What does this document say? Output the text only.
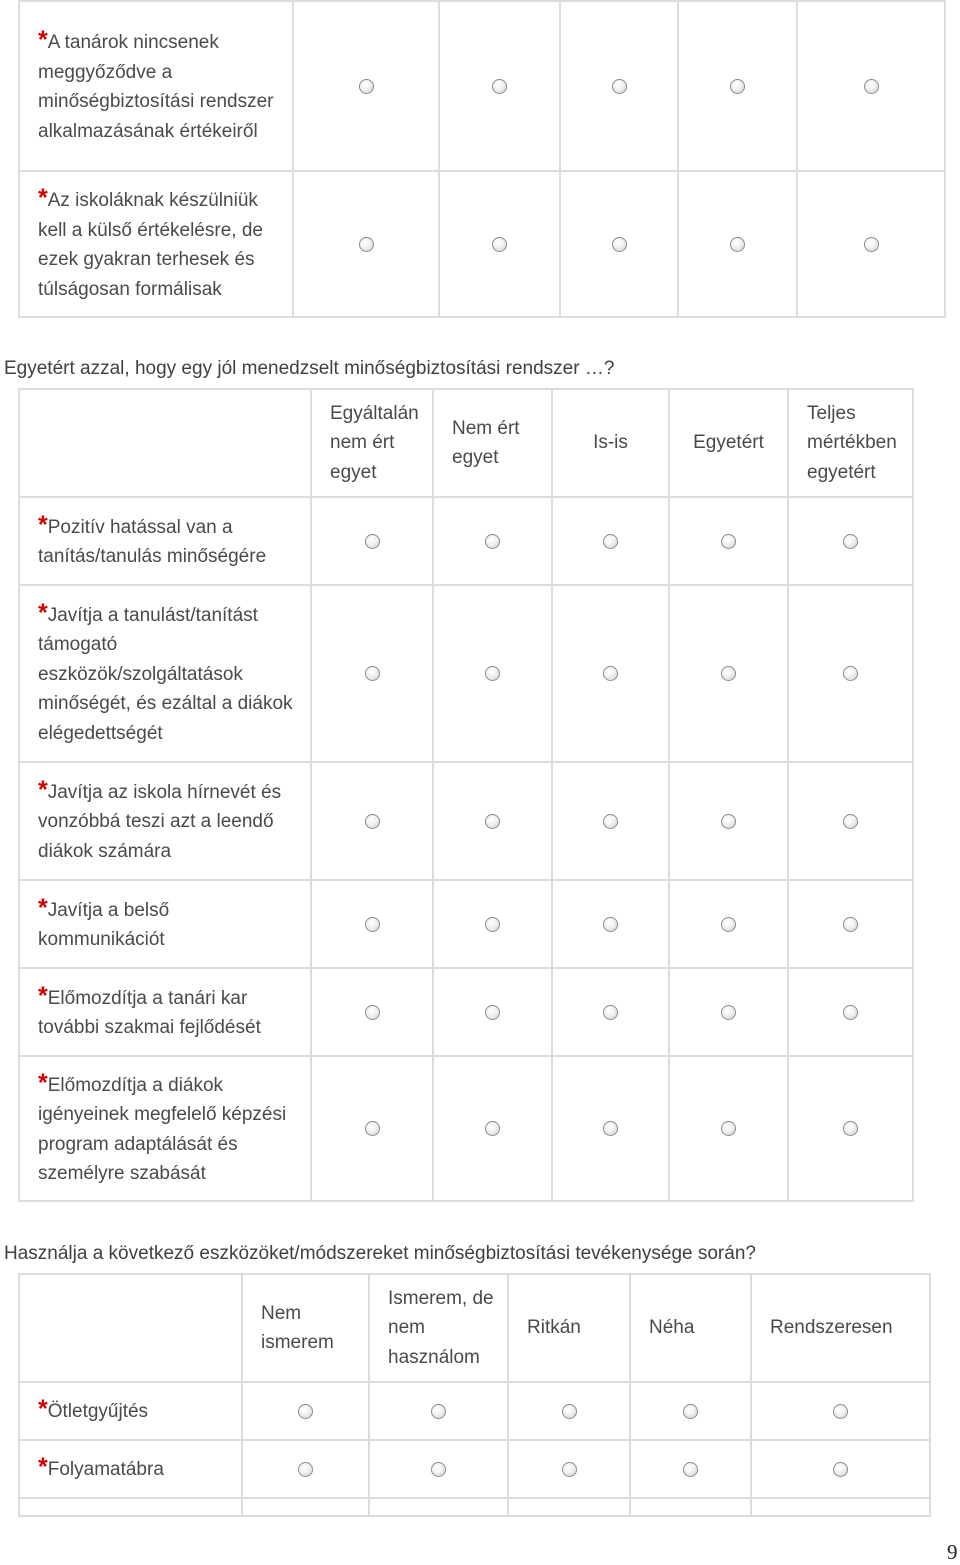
*A tanárok nincsenek meggyőződve a minőségbiztosítási rendszer alkalmazásának értékeiről					
*Az iskoláknak készülniük kell a külső értékelésre, de ezek gyakran terhesek és túlságosan formálisak					
Egyetért azzal, hogy egy jól menedzselt minőségbiztosítási rendszer …?
	Egyáltalán nem ért egyet	Nem ért egyet	Is-is	Egyetért	Teljes mértékben egyetért
*Pozitív hatással van a tanítás/tanulás minőségére					
*Javítja a tanulást/tanítást támogató eszközök/szolgáltatások minőségét, és ezáltal a diákok elégedettségét					
*Javítja az iskola hírnevét és vonzóbbá teszi azt a leendő diákok számára					
*Javítja a belső kommunikációt					
*Előmozdítja a tanári kar további szakmai fejlődését					
*Előmozdítja a diákok igényeinek megfelelő képzési program adaptálását és személyre szabását					
Használja a következő eszközöket/módszereket minőségbiztosítási tevékenysége során?
	Nem ismerem	Ismerem, de nem használom	Ritkán	Néha	Rendszeresen
*Ötletgyűjtés					
*Folyamatábra					

9
